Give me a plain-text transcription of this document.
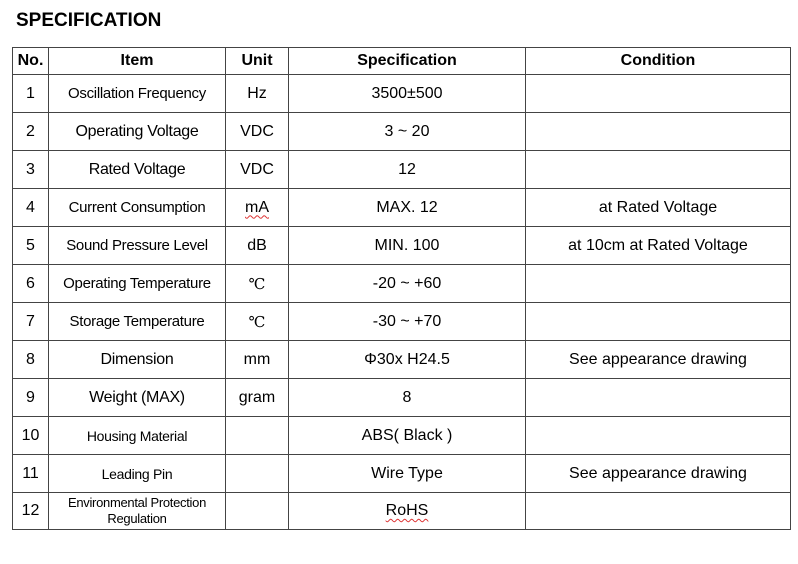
SPECIFICATION
No.	Item	Unit	Specification	Condition
1	Oscillation Frequency	Hz	3500±500	
2	Operating Voltage	VDC	3 ~ 20	
3	Rated Voltage	VDC	12	
4	Current Consumption	mA	MAX. 12	at Rated Voltage
5	Sound Pressure Level	dB	MIN. 100	at 10cm at Rated Voltage
6	Operating Temperature	℃	-20 ~ +60	
7	Storage Temperature	℃	-30 ~ +70	
8	Dimension	mm	Φ30x H24.5	See appearance drawing
9	Weight (MAX)	gram	8	
10	Housing Material		ABS( Black )	
11	Leading Pin		Wire Type	See appearance drawing
12	Environmental Protection Regulation		RoHS	
